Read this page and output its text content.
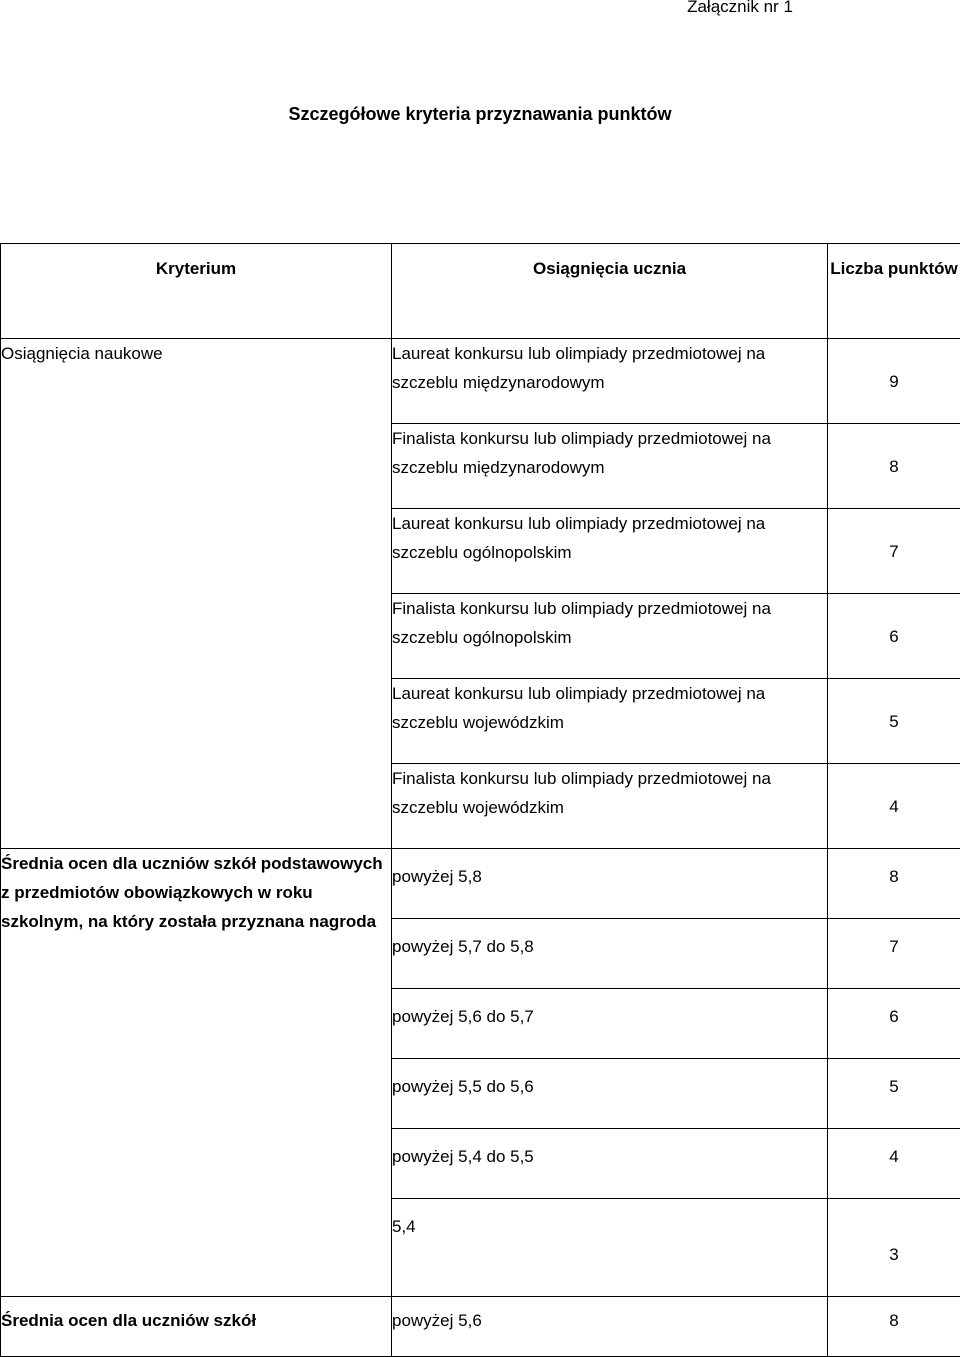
Załącznik nr 1
Szczegółowe kryteria przyznawania punktów
Kryterium	Osiągnięcia ucznia	Liczba punktów
Osiągnięcia naukowe	Laureat konkursu lub olimpiady przedmiotowej na szczeblu międzynarodowym	9
	Finalista konkursu lub olimpiady przedmiotowej na szczeblu międzynarodowym	8
	Laureat konkursu lub olimpiady przedmiotowej na szczeblu ogólnopolskim	7
	Finalista konkursu lub olimpiady przedmiotowej na szczeblu ogólnopolskim	6
	Laureat konkursu lub olimpiady przedmiotowej na szczeblu wojewódzkim	5
	Finalista konkursu lub olimpiady przedmiotowej na szczeblu wojewódzkim	4
Średnia ocen dla uczniów szkół podstawowych z przedmiotów obowiązkowych w roku szkolnym, na który została przyznana nagroda	powyżej 5,8	8
	powyżej 5,7 do 5,8	7
	powyżej 5,6 do 5,7	6
	powyżej 5,5 do 5,6	5
	powyżej 5,4 do 5,5	4
	5,4	3
Średnia ocen dla uczniów szkół	powyżej 5,6	8
